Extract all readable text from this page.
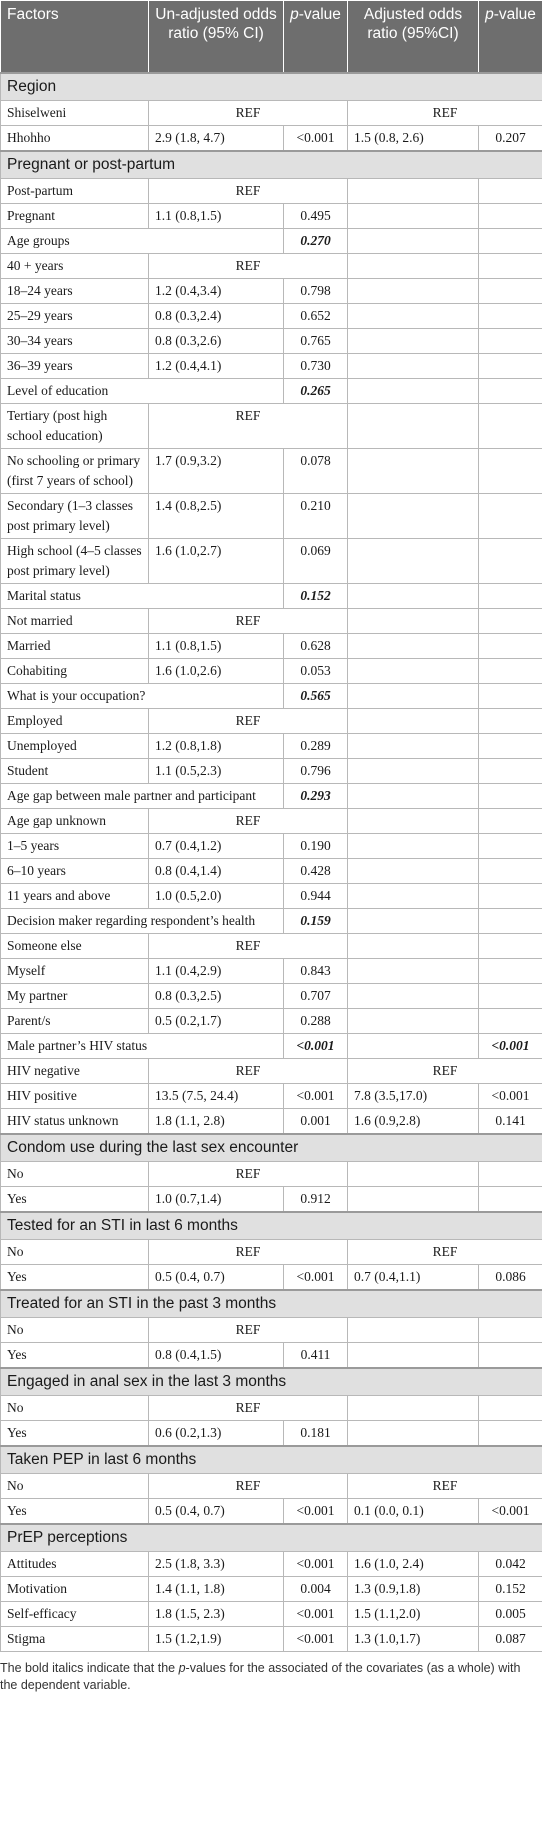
Factors	Un-adjusted odds ratio (95% CI)	p-value	Adjusted odds ratio (95%CI)	p-value
Region				
Shiselweni	REF		REF	
Hhohho	2.9 (1.8, 4.7)	<0.001	1.5 (0.8, 2.6)	0.207
Pregnant or post-partum				
Post-partum	REF			
Pregnant	1.1 (0.8,1.5)	0.495		
Age groups		0.270		
40 + years	REF			
18–24 years	1.2 (0.4,3.4)	0.798		
25–29 years	0.8 (0.3,2.4)	0.652		
30–34 years	0.8 (0.3,2.6)	0.765		
36–39 years	1.2 (0.4,4.1)	0.730		
Level of education		0.265		
Tertiary (post high school education)	REF			
No schooling or primary (first 7 years of school)	1.7 (0.9,3.2)	0.078		
Secondary (1–3 classes post primary level)	1.4 (0.8,2.5)	0.210		
High school (4–5 classes post primary level)	1.6 (1.0,2.7)	0.069		
Marital status		0.152		
Not married	REF			
Married	1.1 (0.8,1.5)	0.628		
Cohabiting	1.6 (1.0,2.6)	0.053		
What is your occupation?		0.565		
Employed	REF			
Unemployed	1.2 (0.8,1.8)	0.289		
Student	1.1 (0.5,2.3)	0.796		
Age gap between male partner and participant		0.293		
Age gap unknown	REF			
1–5 years	0.7 (0.4,1.2)	0.190		
6–10 years	0.8 (0.4,1.4)	0.428		
11 years and above	1.0 (0.5,2.0)	0.944		
Decision maker regarding respondent’s health		0.159		
Someone else	REF			
Myself	1.1 (0.4,2.9)	0.843		
My partner	0.8 (0.3,2.5)	0.707		
Parent/s	0.5 (0.2,1.7)	0.288		
Male partner’s HIV status		<0.001		<0.001
HIV negative	REF		REF	
HIV positive	13.5 (7.5, 24.4)	<0.001	7.8 (3.5,17.0)	<0.001
HIV status unknown	1.8 (1.1, 2.8)	0.001	1.6 (0.9,2.8)	0.141
Condom use during the last sex encounter				
No	REF			
Yes	1.0 (0.7,1.4)	0.912		
Tested for an STI in last 6 months				
No	REF		REF	
Yes	0.5 (0.4, 0.7)	<0.001	0.7 (0.4,1.1)	0.086
Treated for an STI in the past 3 months				
No	REF			
Yes	0.8 (0.4,1.5)	0.411		
Engaged in anal sex in the last 3 months				
No	REF			
Yes	0.6 (0.2,1.3)	0.181		
Taken PEP in last 6 months				
No	REF		REF	
Yes	0.5 (0.4, 0.7)	<0.001	0.1 (0.0, 0.1)	<0.001
PrEP perceptions				
Attitudes	2.5 (1.8, 3.3)	<0.001	1.6 (1.0, 2.4)	0.042
Motivation	1.4 (1.1, 1.8)	0.004	1.3 (0.9,1.8)	0.152
Self-efficacy	1.8 (1.5, 2.3)	<0.001	1.5 (1.1,2.0)	0.005
Stigma	1.5 (1.2,1.9)	<0.001	1.3 (1.0,1.7)	0.087
The bold italics indicate that the p-values for the associated of the covariates (as a whole) with the dependent variable.
